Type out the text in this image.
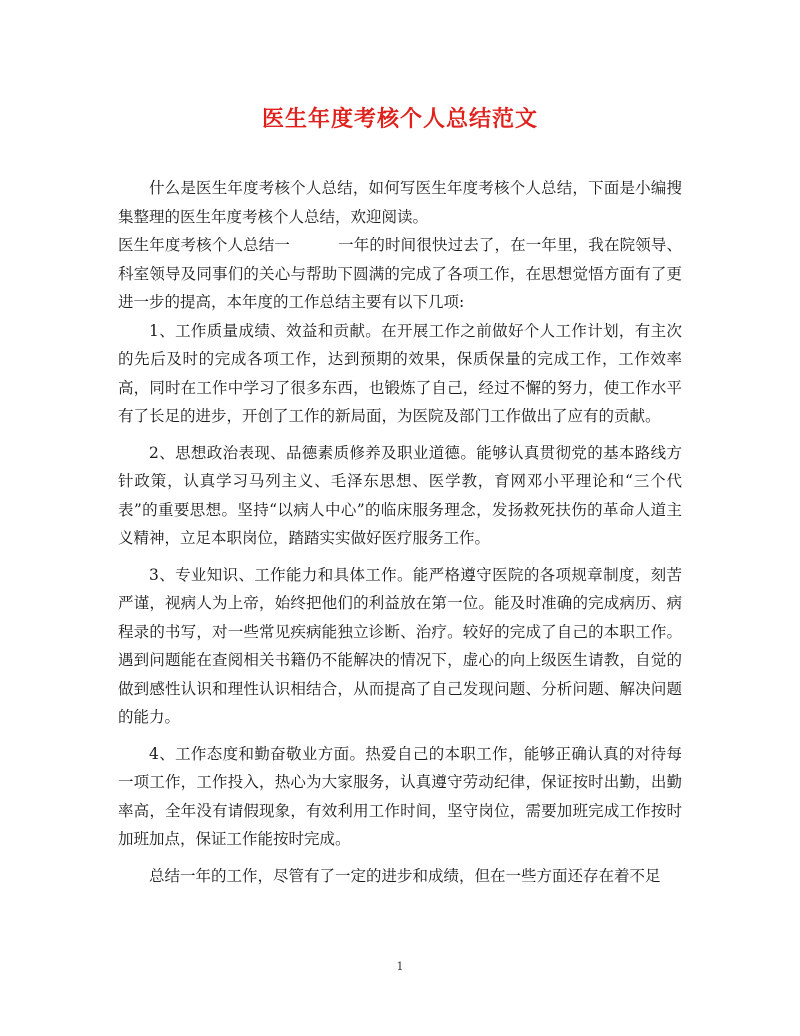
医生年度考核个人总结范文

什么是医生年度考核个人总结，如何写医生年度考核个人总结，下面是小编搜集整理的医生年度考核个人总结，欢迎阅读。

医生年度考核个人总结一	一年的时间很快过去了，在一年里，我在院领导、科室领导及同事们的关心与帮助下圆满的完成了各项工作，在思想觉悟方面有了更进一步的提高，本年度的工作总结主要有以下几项:

1、工作质量成绩、效益和贡献。在开展工作之前做好个人工作计划，有主次的先后及时的完成各项工作，达到预期的效果，保质保量的完成工作，工作效率高，同时在工作中学习了很多东西，也锻炼了自己，经过不懈的努力，使工作水平有了长足的进步，开创了工作的新局面，为医院及部门工作做出了应有的贡献。

2、思想政治表现、品德素质修养及职业道德。能够认真贯彻党的基本路线方针政策，认真学习马列主义、毛泽东思想、医学教，育网邓小平理论和“三个代表”的重要思想。坚持“以病人中心”的临床服务理念，发扬救死扶伤的革命人道主义精神，立足本职岗位，踏踏实实做好医疗服务工作。

3、专业知识、工作能力和具体工作。能严格遵守医院的各项规章制度，刻苦严谨，视病人为上帝，始终把他们的利益放在第一位。能及时准确的完成病历、病程录的书写，对一些常见疾病能独立诊断、治疗。较好的完成了自己的本职工作。遇到问题能在查阅相关书籍仍不能解决的情况下，虚心的向上级医生请教，自觉的做到感性认识和理性认识相结合，从而提高了自己发现问题、分析问题、解决问题的能力。

4、工作态度和勤奋敬业方面。热爱自己的本职工作，能够正确认真的对待每一项工作，工作投入，热心为大家服务，认真遵守劳动纪律，保证按时出勤，出勤率高，全年没有请假现象，有效利用工作时间，坚守岗位，需要加班完成工作按时加班加点，保证工作能按时完成。

总结一年的工作，尽管有了一定的进步和成绩，但在一些方面还存在着不足

1
